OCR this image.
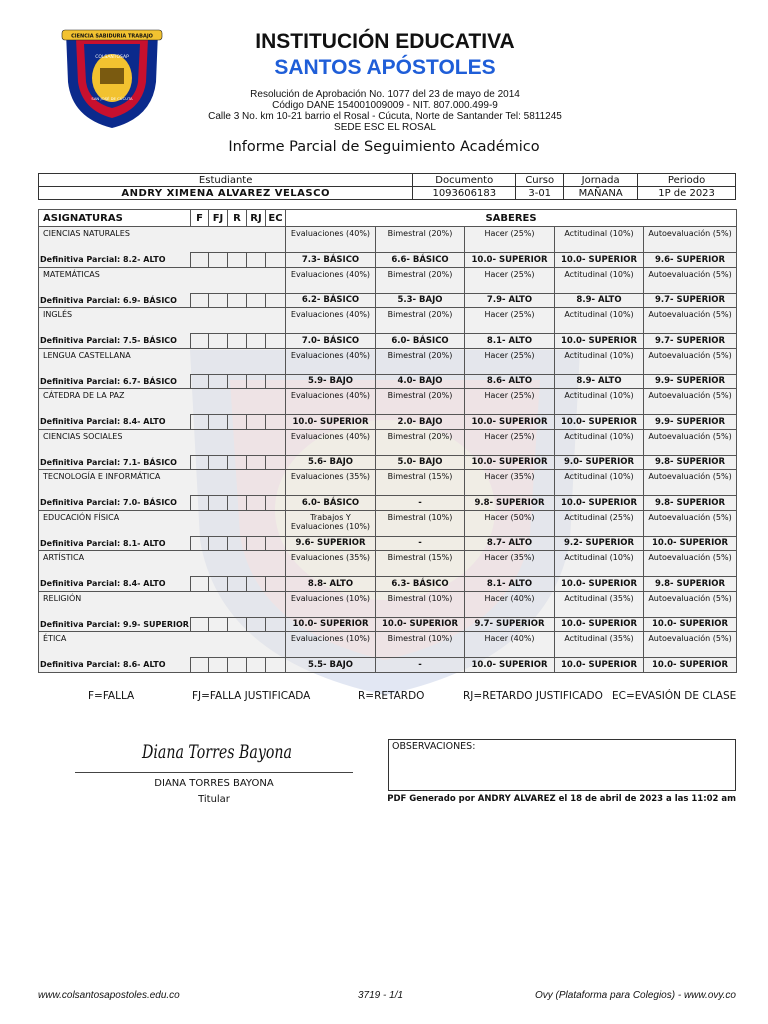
CIENCIA SABIDURIA TRABAJO
COLSANTOSAP
SAN JOSÉ DE CÚCUTA
INSTITUCIÓN EDUCATIVA
SANTOS APÓSTOLES
Resolución de Aprobación No. 1077 del 23 de mayo de 2014
Código DANE 154001009009 - NIT. 807.000.499-9
Calle 3 No. km 10-21 barrio el Rosal - Cúcuta, Norte de Santander Tel: 5811245
SEDE ESC EL ROSAL
Informe Parcial de Seguimiento Académico
Estudiante	Documento	Curso	Jornada	Periodo
ANDRY XIMENA ALVAREZ VELASCO	1093606183	3-01	MAÑANA	1P de 2023
ASIGNATURAS	F	FJ	R	RJ	EC	SABERES				
CIENCIAS NATURALES						Evaluaciones (40%)	Bimestral (20%)	Hacer (25%)	Actitudinal (10%)	Autoevaluación (5%)
Definitiva Parcial: 8.2- ALTO						7.3- BÁSICO	6.6- BÁSICO	10.0- SUPERIOR	10.0- SUPERIOR	9.6- SUPERIOR
MATEMÁTICAS						Evaluaciones (40%)	Bimestral (20%)	Hacer (25%)	Actitudinal (10%)	Autoevaluación (5%)
Definitiva Parcial: 6.9- BÁSICO						6.2- BÁSICO	5.3- BAJO	7.9- ALTO	8.9- ALTO	9.7- SUPERIOR
INGLÉS						Evaluaciones (40%)	Bimestral (20%)	Hacer (25%)	Actitudinal (10%)	Autoevaluación (5%)
Definitiva Parcial: 7.5- BÁSICO						7.0- BÁSICO	6.0- BÁSICO	8.1- ALTO	10.0- SUPERIOR	9.7- SUPERIOR
LENGUA CASTELLANA						Evaluaciones (40%)	Bimestral (20%)	Hacer (25%)	Actitudinal (10%)	Autoevaluación (5%)
Definitiva Parcial: 6.7- BÁSICO						5.9- BAJO	4.0- BAJO	8.6- ALTO	8.9- ALTO	9.9- SUPERIOR
CÁTEDRA DE LA PAZ						Evaluaciones (40%)	Bimestral (20%)	Hacer (25%)	Actitudinal (10%)	Autoevaluación (5%)
Definitiva Parcial: 8.4- ALTO						10.0- SUPERIOR	2.0- BAJO	10.0- SUPERIOR	10.0- SUPERIOR	9.9- SUPERIOR
CIENCIAS SOCIALES						Evaluaciones (40%)	Bimestral (20%)	Hacer (25%)	Actitudinal (10%)	Autoevaluación (5%)
Definitiva Parcial: 7.1- BÁSICO						5.6- BAJO	5.0- BAJO	10.0- SUPERIOR	9.0- SUPERIOR	9.8- SUPERIOR
TECNOLOGÍA E INFORMÁTICA						Evaluaciones (35%)	Bimestral (15%)	Hacer (35%)	Actitudinal (10%)	Autoevaluación (5%)
Definitiva Parcial: 7.0- BÁSICO						6.0- BÁSICO	-	9.8- SUPERIOR	10.0- SUPERIOR	9.8- SUPERIOR
EDUCACIÓN FÍSICA						Trabajos Y Evaluaciones (10%)	Bimestral (10%)	Hacer (50%)	Actitudinal (25%)	Autoevaluación (5%)
Definitiva Parcial: 8.1- ALTO						9.6- SUPERIOR	-	8.7- ALTO	9.2- SUPERIOR	10.0- SUPERIOR
ARTÍSTICA						Evaluaciones (35%)	Bimestral (15%)	Hacer (35%)	Actitudinal (10%)	Autoevaluación (5%)
Definitiva Parcial: 8.4- ALTO						8.8- ALTO	6.3- BÁSICO	8.1- ALTO	10.0- SUPERIOR	9.8- SUPERIOR
RELIGIÓN						Evaluaciones (10%)	Bimestral (10%)	Hacer (40%)	Actitudinal (35%)	Autoevaluación (5%)
Definitiva Parcial: 9.9- SUPERIOR						10.0- SUPERIOR	10.0- SUPERIOR	9.7- SUPERIOR	10.0- SUPERIOR	10.0- SUPERIOR
ÉTICA						Evaluaciones (10%)	Bimestral (10%)	Hacer (40%)	Actitudinal (35%)	Autoevaluación (5%)
Definitiva Parcial: 8.6- ALTO						5.5- BAJO	-	10.0- SUPERIOR	10.0- SUPERIOR	10.0- SUPERIOR
F=FALLA	FJ=FALLA JUSTIFICADA	R=RETARDO	RJ=RETARDO JUSTIFICADO EC=EVASIÓN DE CLASE
Diana Torres Bayona
DIANA TORRES BAYONA
Titular
OBSERVACIONES:
PDF Generado por ANDRY ALVAREZ el 18 de abril de 2023 a las 11:02 am
www.colsantosapostoles.edu.co	3719 - 1/1	Ovy (Plataforma para Colegios) - www.ovy.co
